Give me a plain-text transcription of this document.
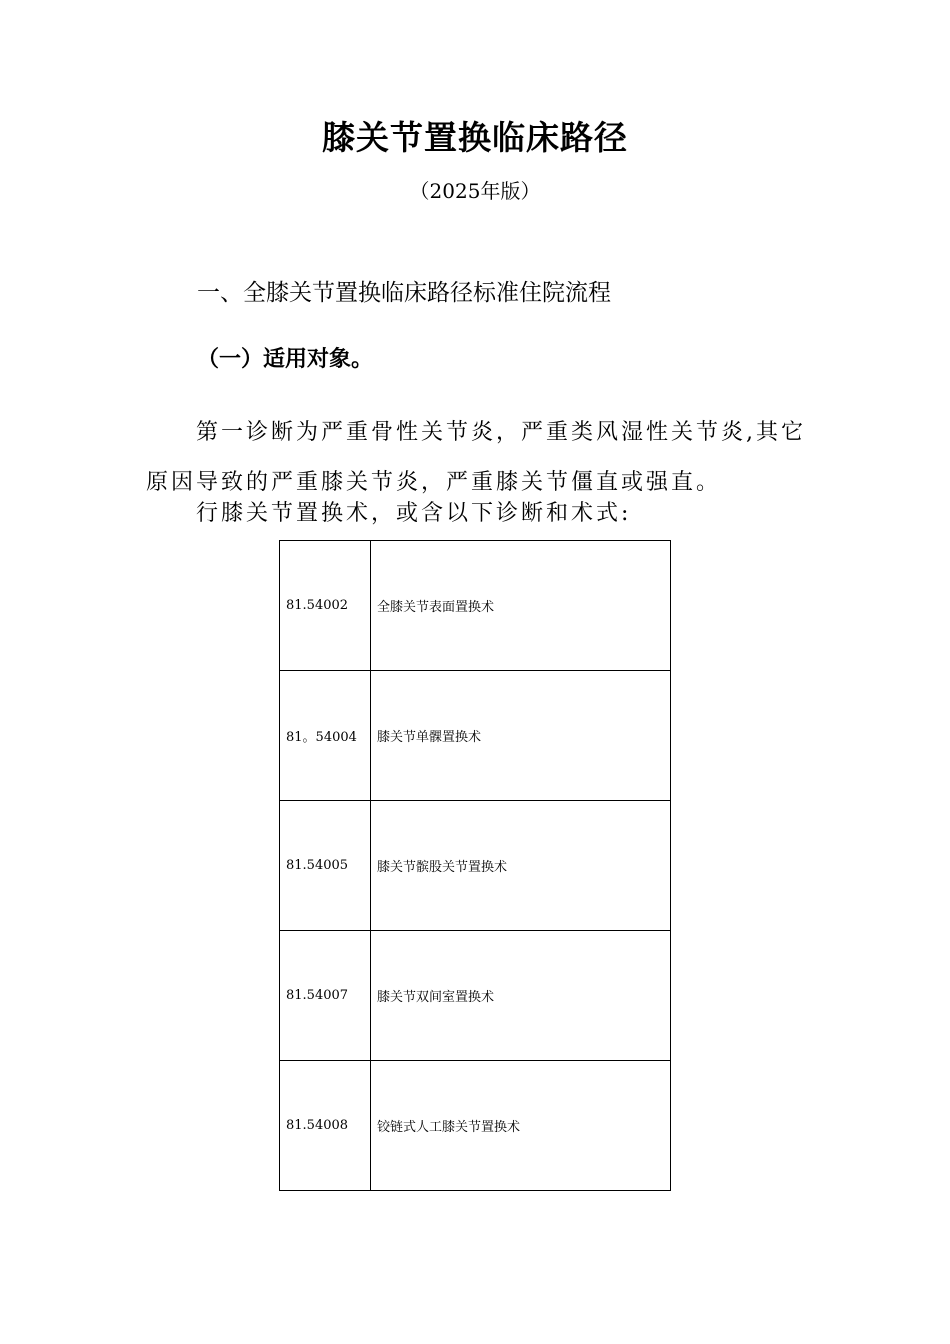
膝关节置换临床路径
（2025年版）
一、全膝关节置换临床路径标准住院流程
（一）适用对象。

第一诊断为严重骨性关节炎，严重类风湿性关节炎,其它原因导致的严重膝关节炎，严重膝关节僵直或强直。

行膝关节置换术，或含以下诊断和术式:

81.54002	全膝关节表面置换术
81。54004	膝关节单髁置换术
81.54005	膝关节髌股关节置换术
81.54007	膝关节双间室置换术
81.54008	铰链式人工膝关节置换术
